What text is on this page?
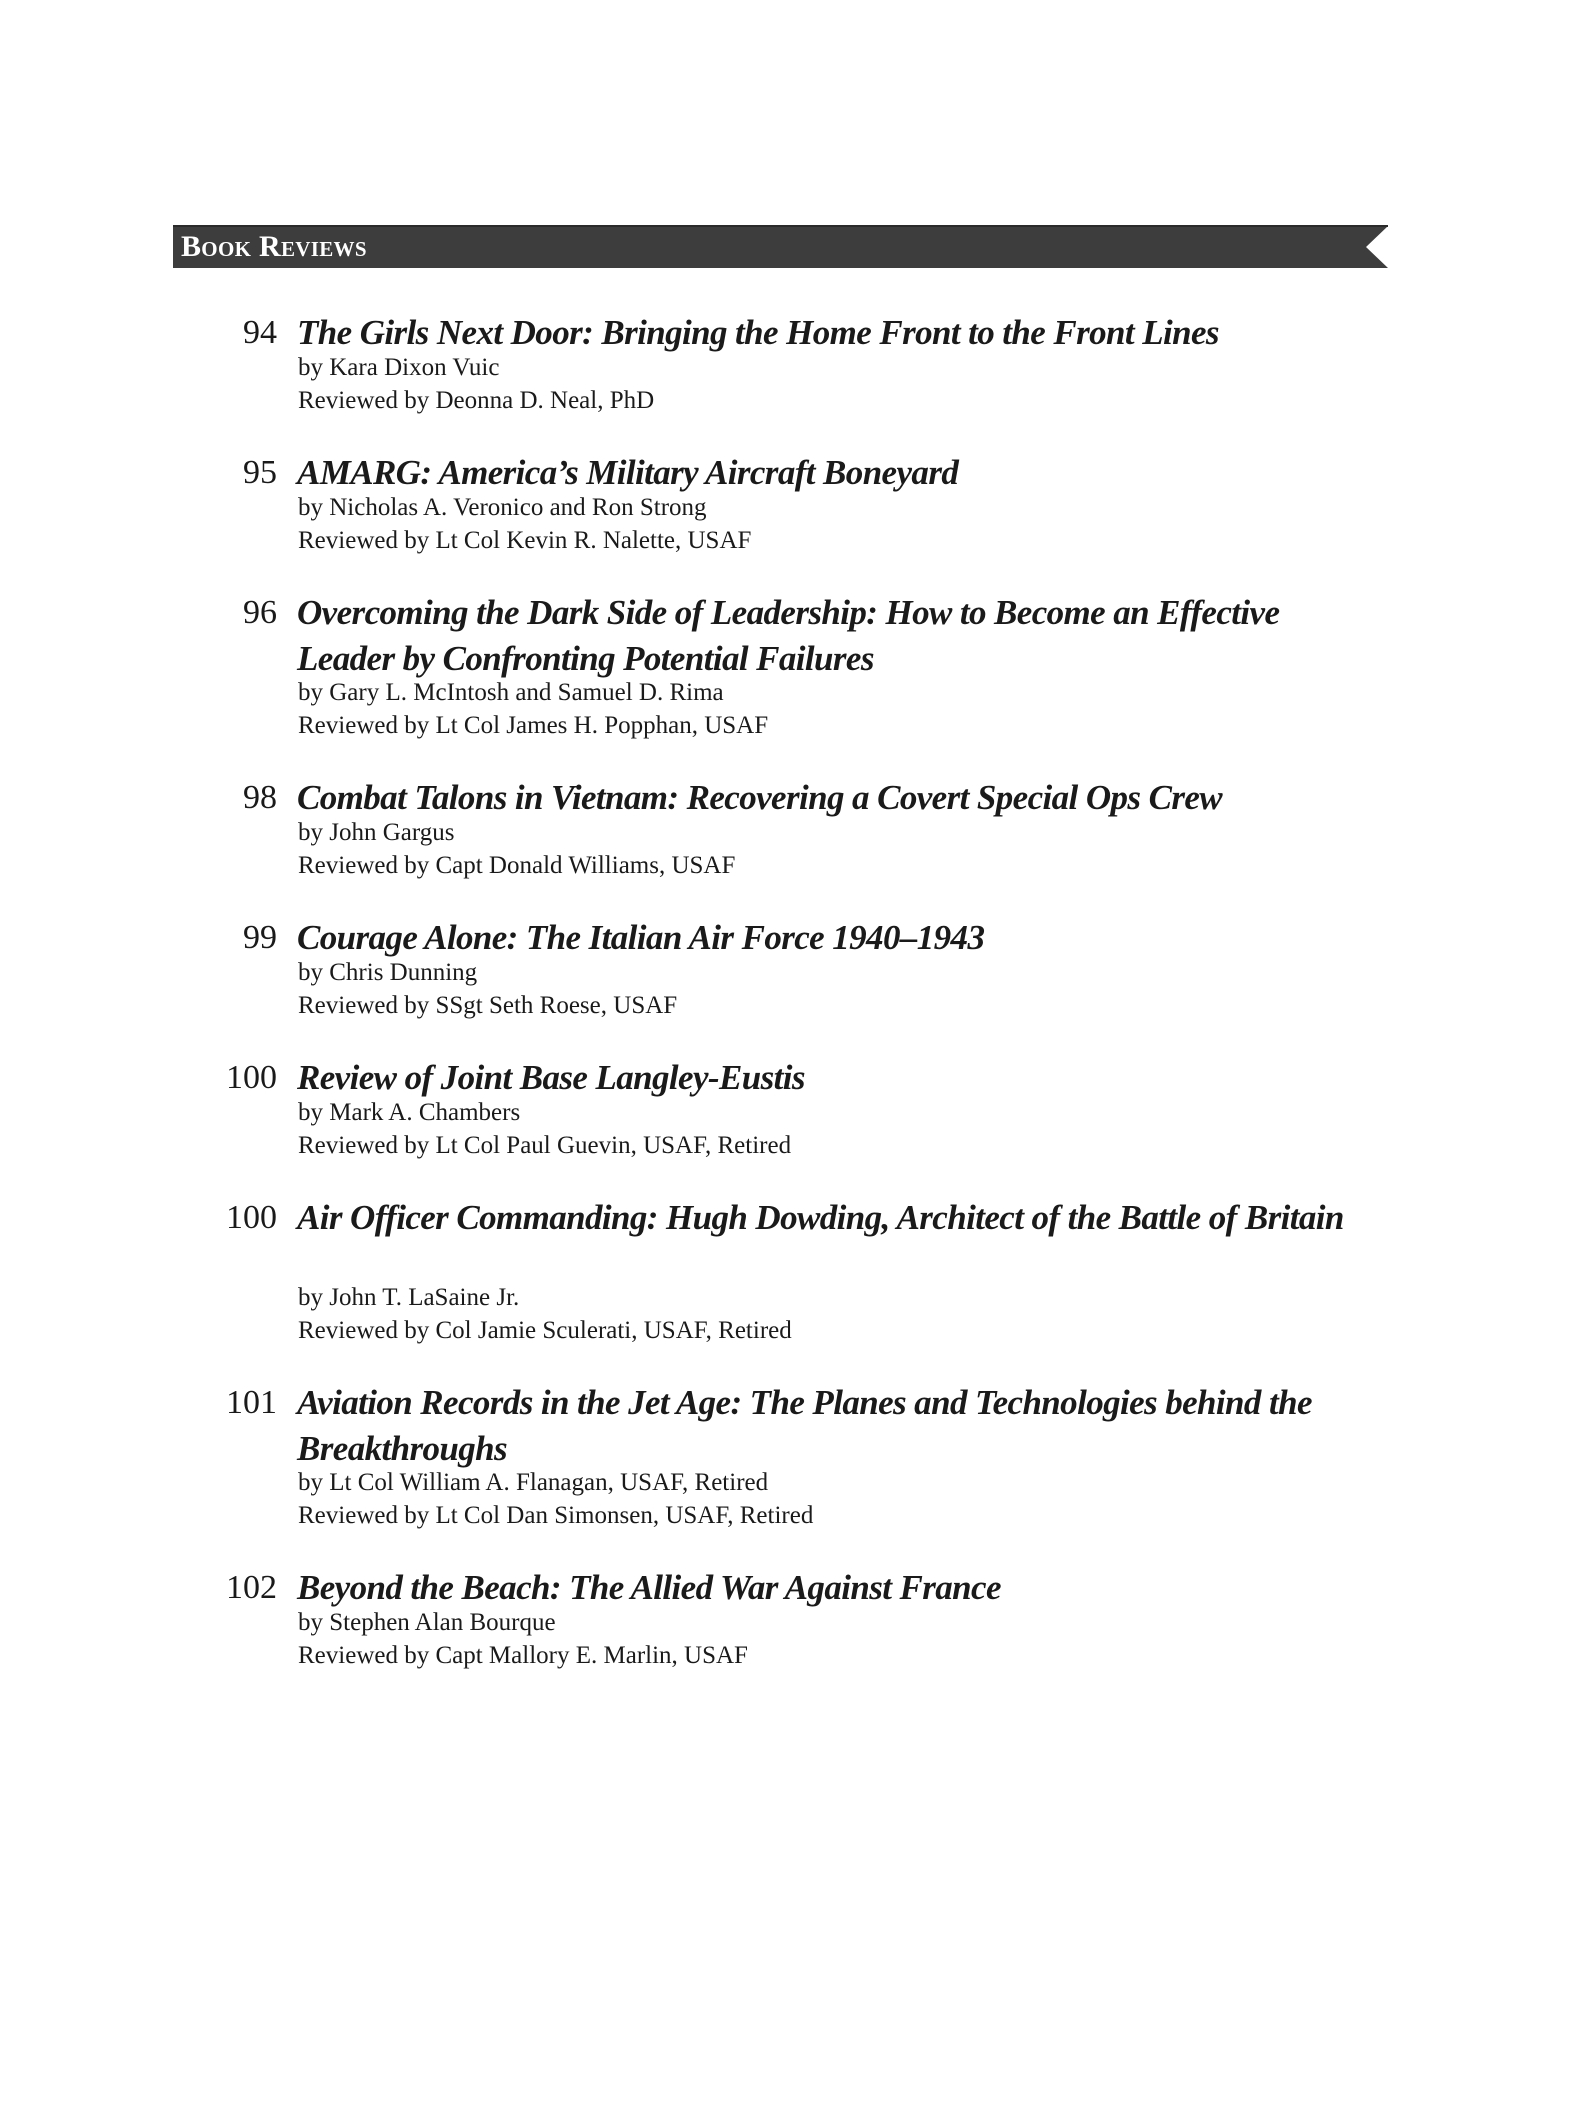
Book Reviews
94 The Girls Next Door: Bringing the Home Front to the Front Lines
by Kara Dixon Vuic
Reviewed by Deonna D. Neal, PhD
95 AMARG: America’s Military Aircraft Boneyard
by Nicholas A. Veronico and Ron Strong
Reviewed by Lt Col Kevin R. Nalette, USAF
96 Overcoming the Dark Side of Leadership: How to Become an Effective Leader by Confronting Potential Failures
by Gary L. McIntosh and Samuel D. Rima
Reviewed by Lt Col James H. Popphan, USAF
98 Combat Talons in Vietnam: Recovering a Covert Special Ops Crew
by John Gargus
Reviewed by Capt Donald Williams, USAF
99 Courage Alone: The Italian Air Force 1940–1943
by Chris Dunning
Reviewed by SSgt Seth Roese, USAF
100 Review of Joint Base Langley-Eustis
by Mark A. Chambers
Reviewed by Lt Col Paul Guevin, USAF, Retired
100 Air Officer Commanding: Hugh Dowding, Architect of the Battle of Britain
by John T. LaSaine Jr.
Reviewed by Col Jamie Sculerati, USAF, Retired
101 Aviation Records in the Jet Age: The Planes and Technologies behind the Breakthroughs
by Lt Col William A. Flanagan, USAF, Retired
Reviewed by Lt Col Dan Simonsen, USAF, Retired
102 Beyond the Beach: The Allied War Against France
by Stephen Alan Bourque
Reviewed by Capt Mallory E. Marlin, USAF
